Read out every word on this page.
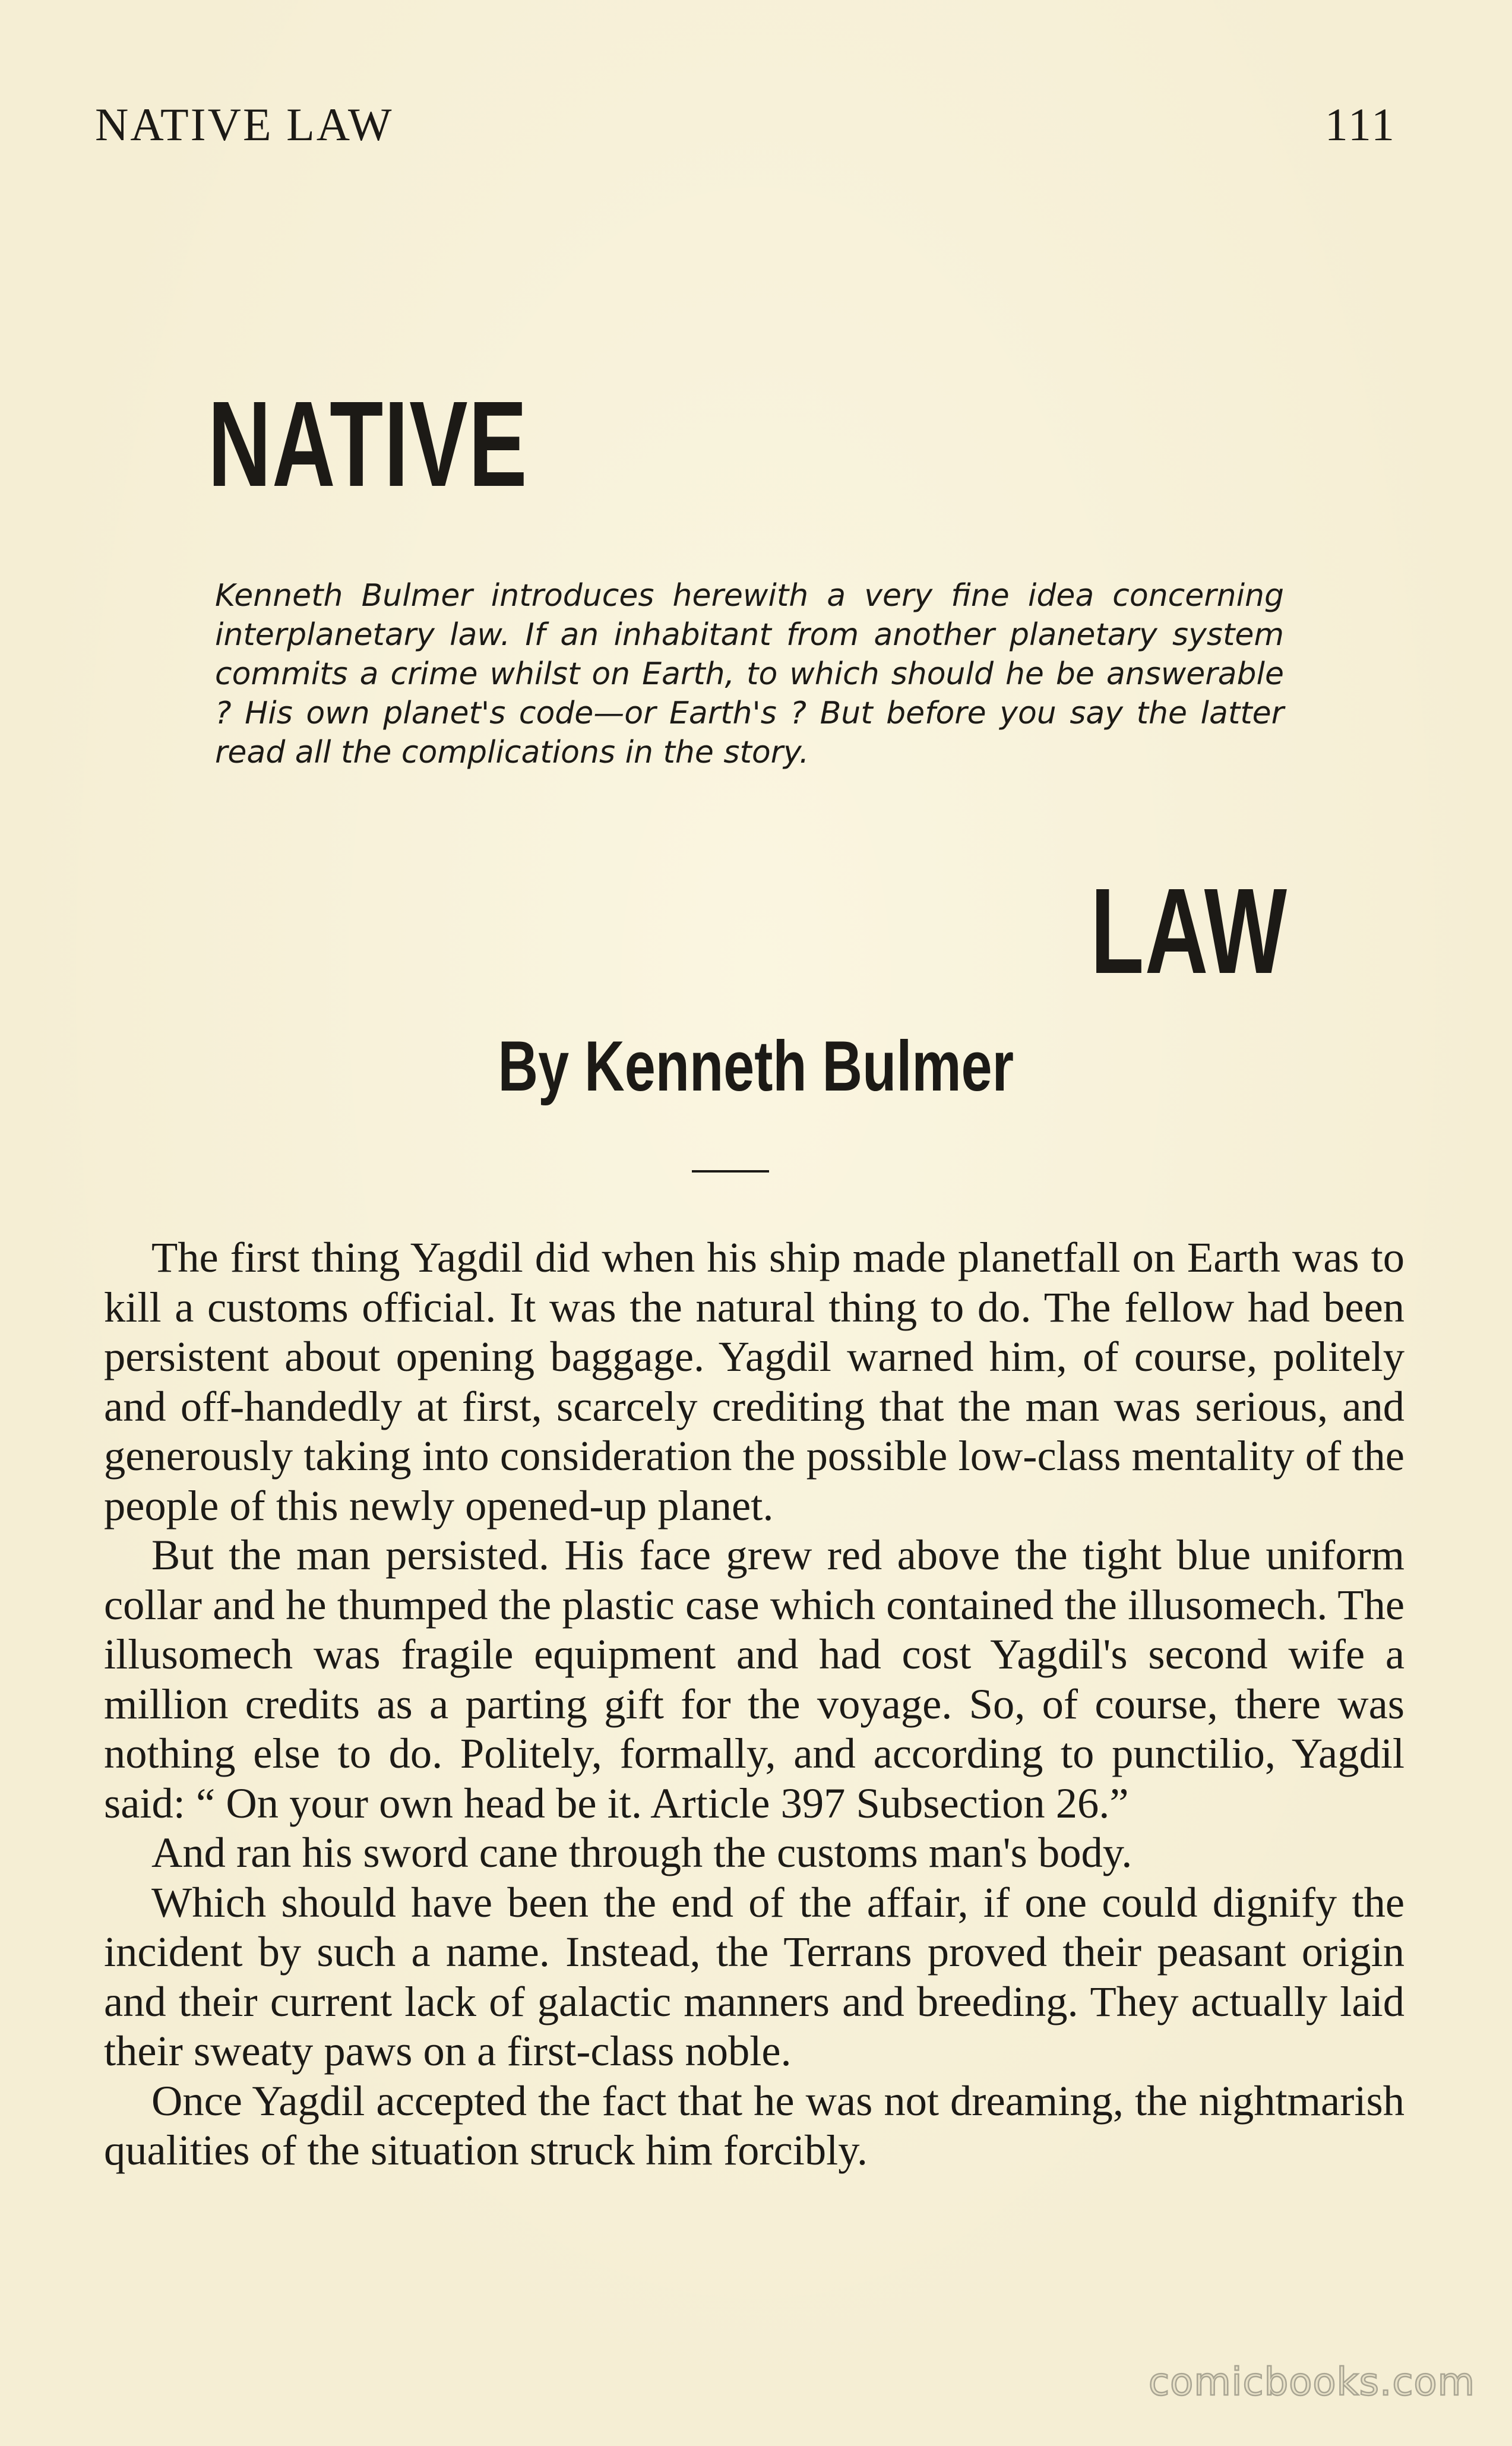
NATIVE LAW	111
NATIVE
Kenneth Bulmer introduces herewith a very fine idea concerning interplanetary law. If an inhabitant from another planetary system commits a crime whilst on Earth, to which should he be answerable ? His own planet's code—or Earth's ? But before you say the latter read all the complications in the story.
LAW
By Kenneth Bulmer

The first thing Yagdil did when his ship made planetfall on Earth was to kill a customs official. It was the natural thing to do. The fellow had been persistent about opening baggage. Yagdil warned him, of course, politely and off-handedly at first, scarcely crediting that the man was serious, and generously taking into consideration the possible low-class mentality of the people of this newly opened-up planet.

But the man persisted. His face grew red above the tight blue uniform collar and he thumped the plastic case which contained the illusomech. The illusomech was fragile equipment and had cost Yagdil's second wife a million credits as a parting gift for the voyage. So, of course, there was nothing else to do. Politely, formally, and according to punctilio, Yagdil said: “ On your own head be it. Article 397 Subsection 26.”

And ran his sword cane through the customs man's body.

Which should have been the end of the affair, if one could dignify the incident by such a name. Instead, the Terrans proved their peasant origin and their current lack of galactic manners and breeding. They actually laid their sweaty paws on a first-class noble.

Once Yagdil accepted the fact that he was not dreaming, the nightmarish qualities of the situation struck him forcibly.

comicbooks.com
